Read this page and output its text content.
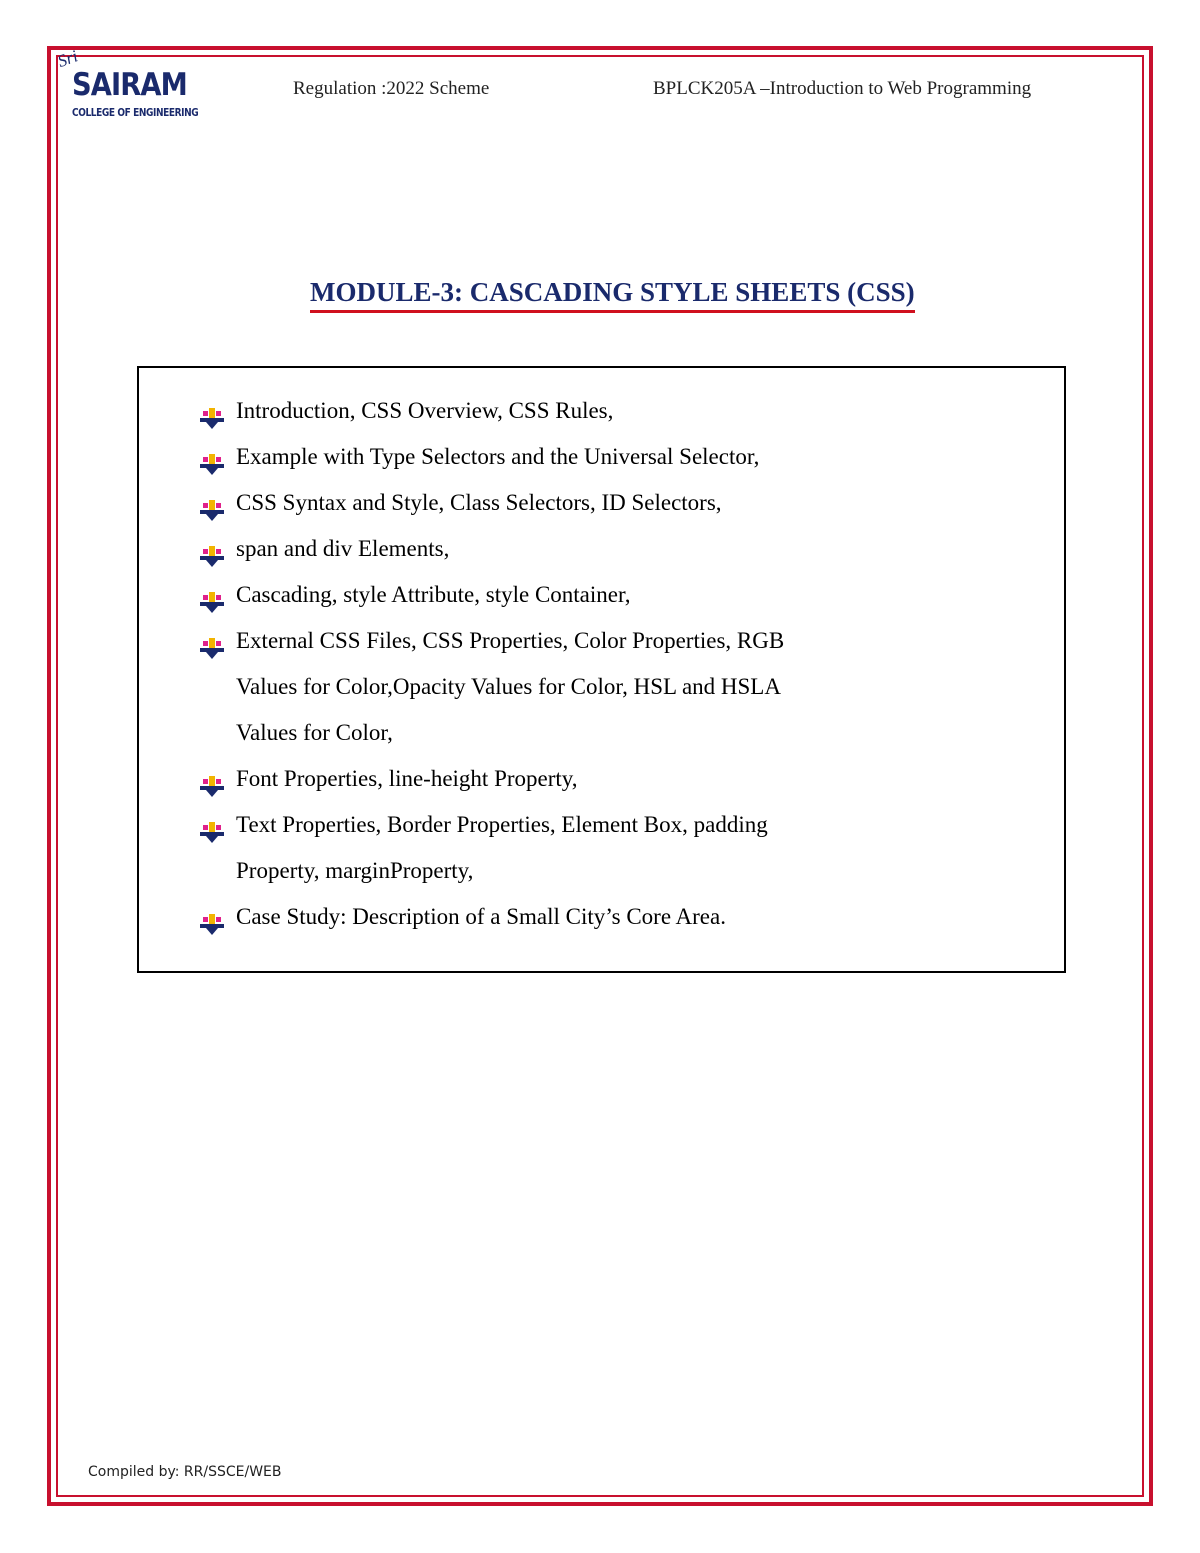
Sri
SAIRAM
COLLEGE OF ENGINEERING
Regulation :2022 Scheme	BPLCK205A –Introduction to Web Programming
MODULE-3: CASCADING STYLE SHEETS (CSS)
Introduction, CSS Overview, CSS Rules,
Example with Type Selectors and the Universal Selector,
CSS Syntax and Style, Class Selectors, ID Selectors,
span and div Elements,
Cascading, style Attribute, style Container,
External CSS Files, CSS Properties, Color Properties, RGB
Values for Color,Opacity Values for Color, HSL and HSLA
Values for Color,
Font Properties, line-height Property,
Text Properties, Border Properties, Element Box, padding
Property, marginProperty,
Case Study: Description of a Small City’s Core Area.
Compiled by: RR/SSCE/WEB
